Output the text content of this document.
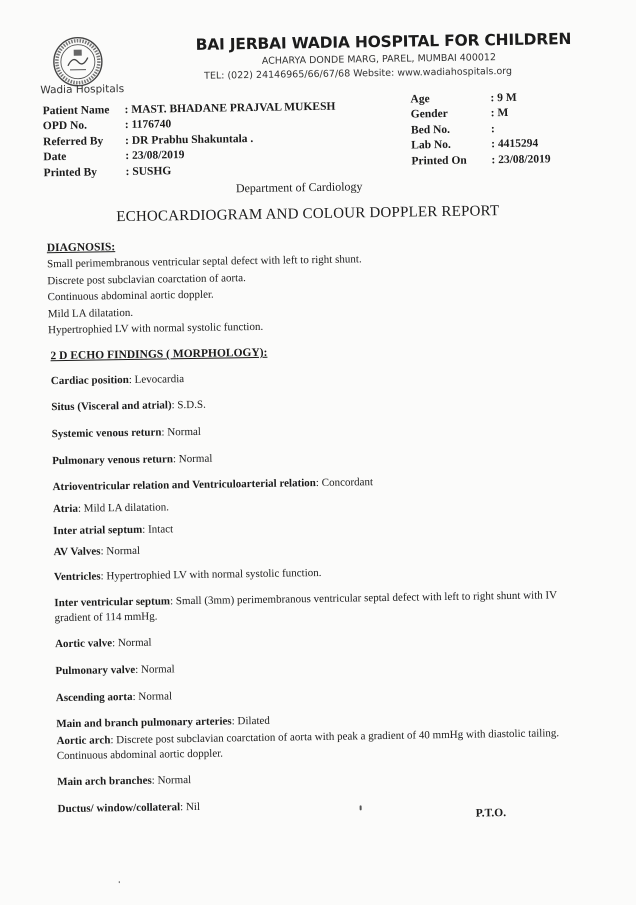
Wadia Hospitals
BAI JERBAI WADIA HOSPITAL FOR CHILDREN
ACHARYA DONDE MARG, PAREL, MUMBAI 400012
TEL: (022) 24146965/66/67/68 Website: www.wadiahospitals.org
Patient Name	: MAST. BHADANE PRAJVAL MUKESH
OPD No.	: 1176740
Referred By	: DR Prabhu Shakuntala .
Date	: 23/08/2019
Printed By	: SUSHG
Age	: 9 M
Gender	: M
Bed No.	:
Lab No.	: 4415294
Printed On	: 23/08/2019
Department of Cardiology
ECHOCARDIOGRAM AND COLOUR DOPPLER REPORT
DIAGNOSIS:
Small perimembranous ventricular septal defect with left to right shunt.
Discrete post subclavian coarctation of aorta.
Continuous abdominal aortic doppler.
Mild LA dilatation.
Hypertrophied LV with normal systolic function.
2 D ECHO FINDINGS ( MORPHOLOGY):
Cardiac position: Levocardia
Situs (Visceral and atrial): S.D.S.
Systemic venous return: Normal
Pulmonary venous return: Normal
Atrioventricular relation and Ventriculoarterial relation: Concordant
Atria: Mild LA dilatation.
Inter atrial septum: Intact
AV Valves: Normal
Ventricles: Hypertrophied LV with normal systolic function.
Inter ventricular septum: Small (3mm) perimembranous ventricular septal defect with left to right shunt with IV gradient of 114 mmHg.
Aortic valve: Normal
Pulmonary valve: Normal
Ascending aorta: Normal
Main and branch pulmonary arteries: Dilated
Aortic arch: Discrete post subclavian coarctation of aorta with peak a gradient of 40 mmHg with diastolic tailing. Continuous abdominal aortic doppler.
Main arch branches: Normal
Ductus/ window/collateral: Nil
P.T.O.
